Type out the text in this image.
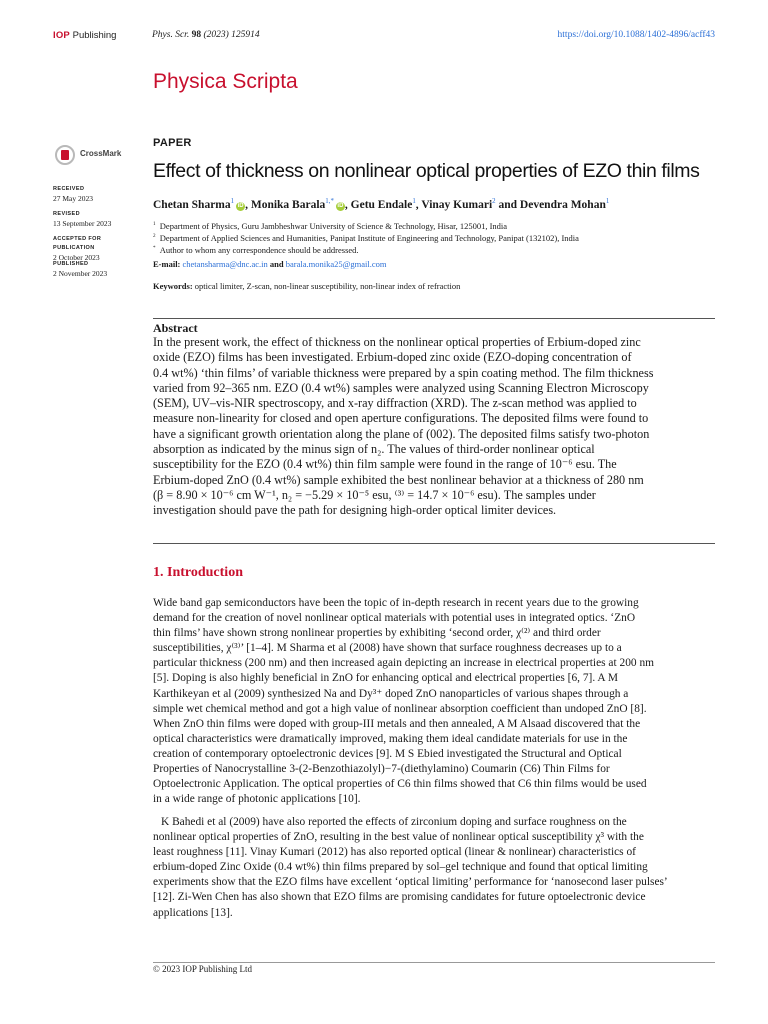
IOP Publishing	Phys. Scr. 98 (2023) 125914	https://doi.org/10.1088/1402-4896/acff43
Physica Scripta
CrossMark
RECEIVED
27 May 2023
REVISED
13 September 2023
ACCEPTED FOR PUBLICATION
2 October 2023
PUBLISHED
2 November 2023
PAPER
Effect of thickness on nonlinear optical properties of EZO thin films
Chetan Sharma$^1$iD , Monika Barala$^{1,*}$iD , Getu Endale$^1$, Vinay Kumari$^2$ and Devendra Mohan$^1$
$^1$ Department of Physics, Guru Jambheshwar University of Science & Technology, Hisar, 125001, India
$^2$ Department of Applied Sciences and Humanities, Panipat Institute of Engineering and Technology, Panipat (132102), India
* Author to whom any correspondence should be addressed.
E-mail: chetansharma@dnc.ac.in and barala.monika25@gmail.com
Keywords: optical limiter, Z-scan, non-linear susceptibility, non-linear index of refraction
Abstract
In the present work, the effect of thickness on the nonlinear optical properties of Erbium-doped zinc
oxide (EZO) films has been investigated. Erbium-doped zinc oxide (EZO-doping concentration of
0.4 wt%) ‘thin films’ of variable thickness were prepared by a spin coating method. The film thickness
varied from 92–365 nm. EZO (0.4 wt%) samples were analyzed using Scanning Electron Microscopy
(SEM), UV–vis-NIR spectroscopy, and x-ray diffraction (XRD). The z-scan method was applied to
measure non-linearity for closed and open aperture configurations. The deposited films were found to
have a significant growth orientation along the plane of (002). The deposited films satisfy two-photon
absorption as indicated by the minus sign of n₂. The values of third-order nonlinear optical
susceptibility for the EZO (0.4 wt%) thin film sample were found in the range of 10⁻⁶ esu. The
Erbium-doped ZnO (0.4 wt%) sample exhibited the best nonlinear behavior at a thickness of 280 nm
(β = 8.90 × 10⁻⁶ cm W⁻¹, n₂ = −5.29 × 10⁻⁵ esu, ⁽³⁾ = 14.7 × 10⁻⁶ esu). The samples under
investigation should pave the path for designing high-order optical limiter devices.
1. Introduction
Wide band gap semiconductors have been the topic of in-depth research in recent years due to the growing
demand for the creation of novel nonlinear optical materials with potential uses in integrated optics. ‘ZnO
thin films’ have shown strong nonlinear properties by exhibiting ‘second order, χ⁽²⁾ and third order
susceptibilities, χ⁽³⁾’ [1–4]. M Sharma et al (2008) have shown that surface roughness decreases up to a
particular thickness (200 nm) and then increased again depicting an increase in electrical properties at 200 nm
[5]. Doping is also highly beneficial in ZnO for enhancing optical and electrical properties [6, 7]. A M
Karthikeyan et al (2009) synthesized Na and Dy³⁺ doped ZnO nanoparticles of various shapes through a
simple wet chemical method and got a high value of nonlinear absorption coefficient than undoped ZnO [8].
When ZnO thin films were doped with group-III metals and then annealed, A M Alsaad discovered that the
optical characteristics were dramatically improved, making them ideal candidate materials for use in the
creation of contemporary optoelectronic devices [9]. M S Ebied investigated the Structural and Optical
Properties of Nanocrystalline 3-(2-Benzothiazolyl)−7-(diethylamino) Coumarin (C6) Thin Films for
Optoelectronic Application. The optical properties of C6 thin films showed that C6 thin films would be used
in a wide range of photonic applications [10].
K Bahedi et al (2009) have also reported the effects of zirconium doping and surface roughness on the
nonlinear optical properties of ZnO, resulting in the best value of nonlinear optical susceptibility χ³ with the
least roughness [11]. Vinay Kumari (2012) has also reported optical (linear & nonlinear) characteristics of
erbium-doped Zinc Oxide (0.4 wt%) thin films prepared by sol–gel technique and found that optical limiting
experiments show that the EZO films have excellent ‘optical limiting’ performance for ‘nanosecond laser pulses’
[12]. Zi-Wen Chen has also shown that EZO films are promising candidates for future optoelectronic device
applications [13].
© 2023 IOP Publishing Ltd
